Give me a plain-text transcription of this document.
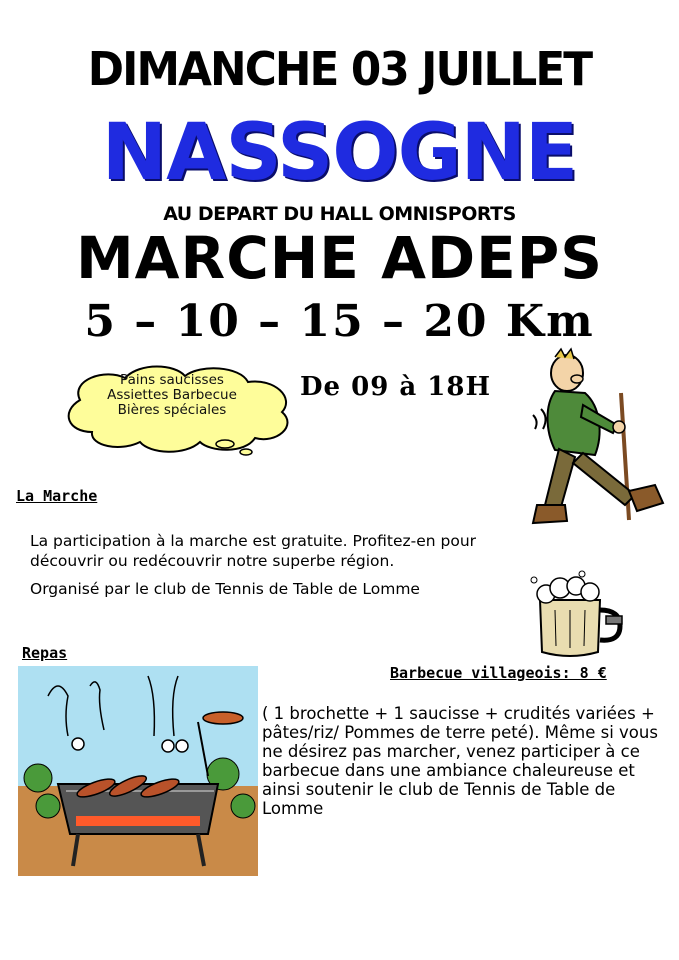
DIMANCHE 03 JUILLET
NASSOGNE
AU DEPART DU HALL OMNISPORTS
MARCHE ADEPS
5 – 10 – 15 – 20 Km
Pains saucisses
Assiettes Barbecue
Bières spéciales
De 09 à 18H
La Marche
La participation à la marche est gratuite. Profitez-en pour découvrir ou redécouvrir notre superbe région.
Organisé par le club de Tennis de Table de Lomme
Repas
Barbecue villageois: 8 €
( 1 brochette + 1 saucisse + crudités variées + pâtes/riz/ Pommes de terre peté). Même si vous ne désirez pas marcher, venez participer à ce barbecue dans une ambiance chaleureuse et ainsi soutenir le club de Tennis de Table de Lomme
